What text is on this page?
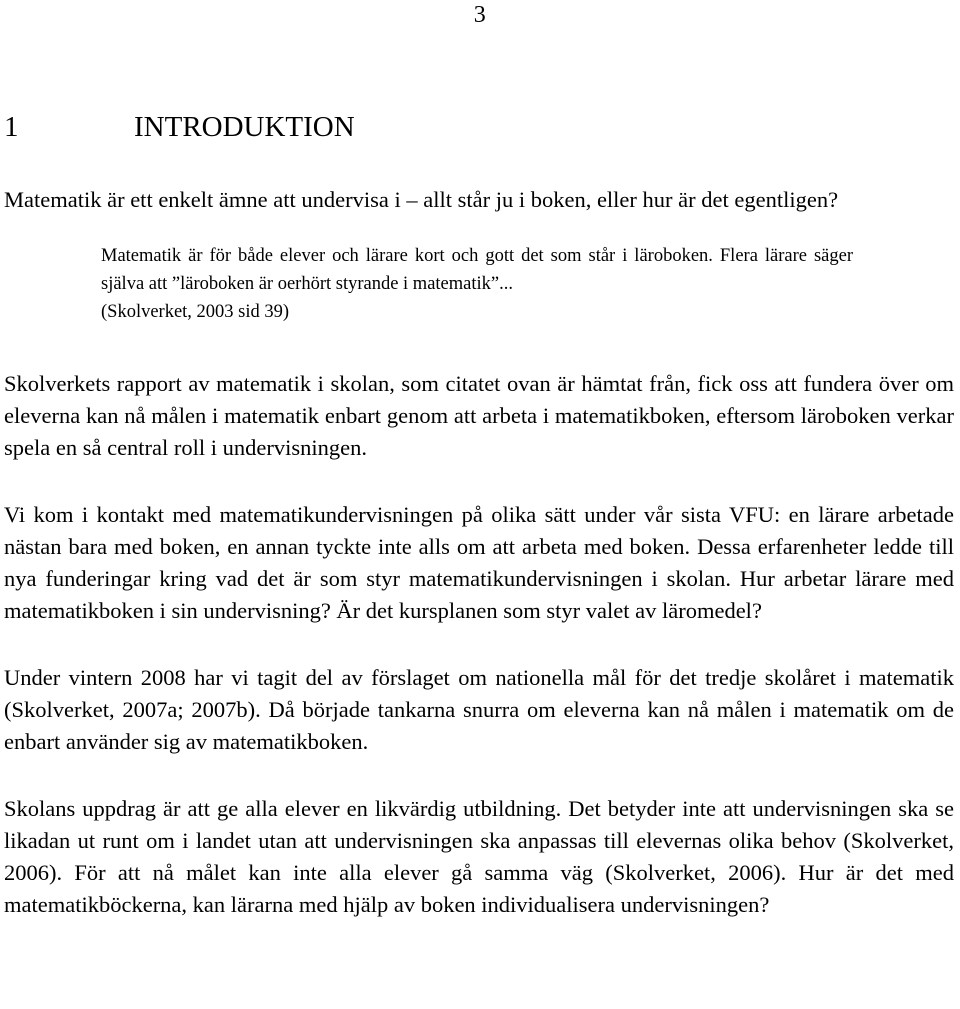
3
1	INTRODUKTION

Matematik är ett enkelt ämne att undervisa i – allt står ju i boken, eller hur är det egentligen?

Matematik är för både elever och lärare kort och gott det som står i läroboken. Flera lärare säger själva att ”läroboken är oerhört styrande i matematik”...

(Skolverket, 2003 sid 39)

Skolverkets rapport av matematik i skolan, som citatet ovan är hämtat från, fick oss att fundera över om eleverna kan nå målen i matematik enbart genom att arbeta i matematikboken, eftersom läroboken verkar spela en så central roll i undervisningen.

Vi kom i kontakt med matematikundervisningen på olika sätt under vår sista VFU: en lärare arbetade nästan bara med boken, en annan tyckte inte alls om att arbeta med boken. Dessa erfarenheter ledde till nya funderingar kring vad det är som styr matematikundervisningen i skolan. Hur arbetar lärare med matematikboken i sin undervisning? Är det kursplanen som styr valet av läromedel?

Under vintern 2008 har vi tagit del av förslaget om nationella mål för det tredje skolåret i matematik (Skolverket, 2007a; 2007b). Då började tankarna snurra om eleverna kan nå målen i matematik om de enbart använder sig av matematikboken.

Skolans uppdrag är att ge alla elever en likvärdig utbildning. Det betyder inte att undervisningen ska se likadan ut runt om i landet utan att undervisningen ska anpassas till elevernas olika behov (Skolverket, 2006). För att nå målet kan inte alla elever gå samma väg (Skolverket, 2006). Hur är det med matematikböckerna, kan lärarna med hjälp av boken individualisera undervisningen?
